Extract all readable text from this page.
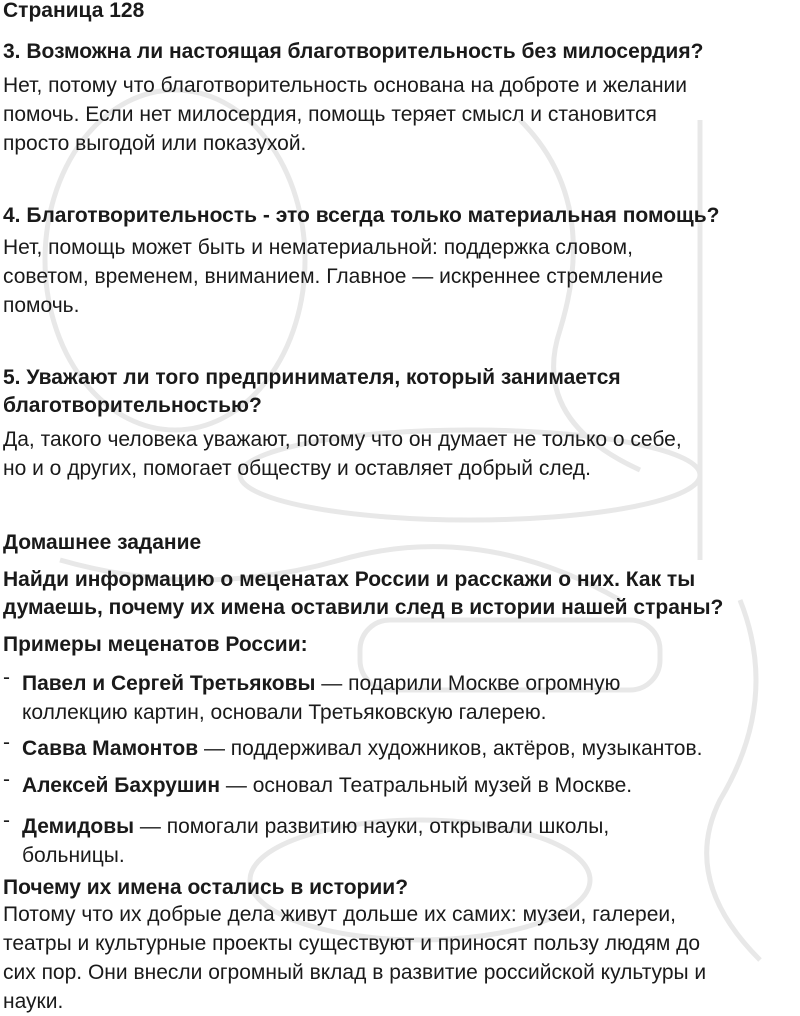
Страница 128
3. Возможна ли настоящая благотворительность без милосердия?
Нет, потому что благотворительность основана на доброте и желании
помочь. Если нет милосердия, помощь теряет смысл и становится
просто выгодой или показухой.
4. Благотворительность - это всегда только материальная помощь?
Нет, помощь может быть и нематериальной: поддержка словом,
советом, временем, вниманием. Главное — искреннее стремление
помочь.
5. Уважают ли того предпринимателя, который занимается
благотворительностью?
Да, такого человека уважают, потому что он думает не только о себе,
но и о других, помогает обществу и оставляет добрый след.
Домашнее задание
Найди информацию о меценатах России и расскажи о них. Как ты
думаешь, почему их имена оставили след в истории нашей страны?
Примеры меценатов России:
- Павел и Сергей Третьяковы — подарили Москве огромную
коллекцию картин, основали Третьяковскую галерею.
- Савва Мамонтов — поддерживал художников, актёров, музыкантов.
- Алексей Бахрушин — основал Театральный музей в Москве.
- Демидовы — помогали развитию науки, открывали школы,
больницы.
Почему их имена остались в истории?
Потому что их добрые дела живут дольше их самих: музеи, галереи,
театры и культурные проекты существуют и приносят пользу людям до
сих пор. Они внесли огромный вклад в развитие российской культуры и
науки.
